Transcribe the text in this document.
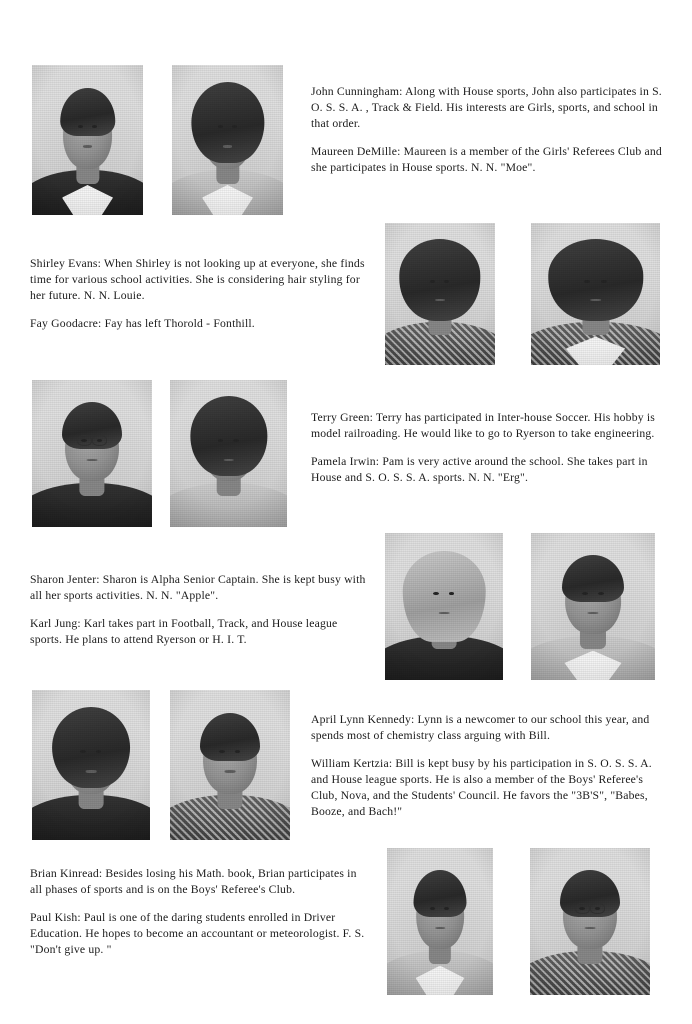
John Cunningham: Along with House sports, John also participates in S. O. S. S. A. , Track & Field. His interests are Girls, sports, and school in that order.

Maureen DeMille: Maureen is a member of the Girls' Referees Club and she participates in House sports. N. N. "Moe".

Shirley Evans: When Shirley is not looking up at everyone, she finds time for various school activities. She is considering hair styling for her future. N. N. Louie.

Fay Goodacre: Fay has left Thorold - Fonthill.

Terry Green: Terry has participated in Inter-house Soccer. His hobby is model railroading. He would like to go to Ryerson to take engineering.

Pamela Irwin: Pam is very active around the school. She takes part in House and S. O. S. S. A. sports. N. N. "Erg".

Sharon Jenter: Sharon is Alpha Senior Captain. She is kept busy with all her sports activities. N. N. "Apple".

Karl Jung: Karl takes part in Football, Track, and House league sports. He plans to attend Ryerson or H. I. T.

April Lynn Kennedy: Lynn is a newcomer to our school this year, and spends most of chemistry class arguing with Bill.

William Kertzia: Bill is kept busy by his participation in S. O. S. S. A. and House league sports. He is also a member of the Boys' Referee's Club, Nova, and the Students' Council. He favors the "3B'S", "Babes, Booze, and Bach!"

Brian Kinread: Besides losing his Math. book, Brian participates in all phases of sports and is on the Boys' Referee's Club.

Paul Kish: Paul is one of the daring students enrolled in Driver Education. He hopes to become an accountant or meteorologist. F. S. "Don't give up. "
